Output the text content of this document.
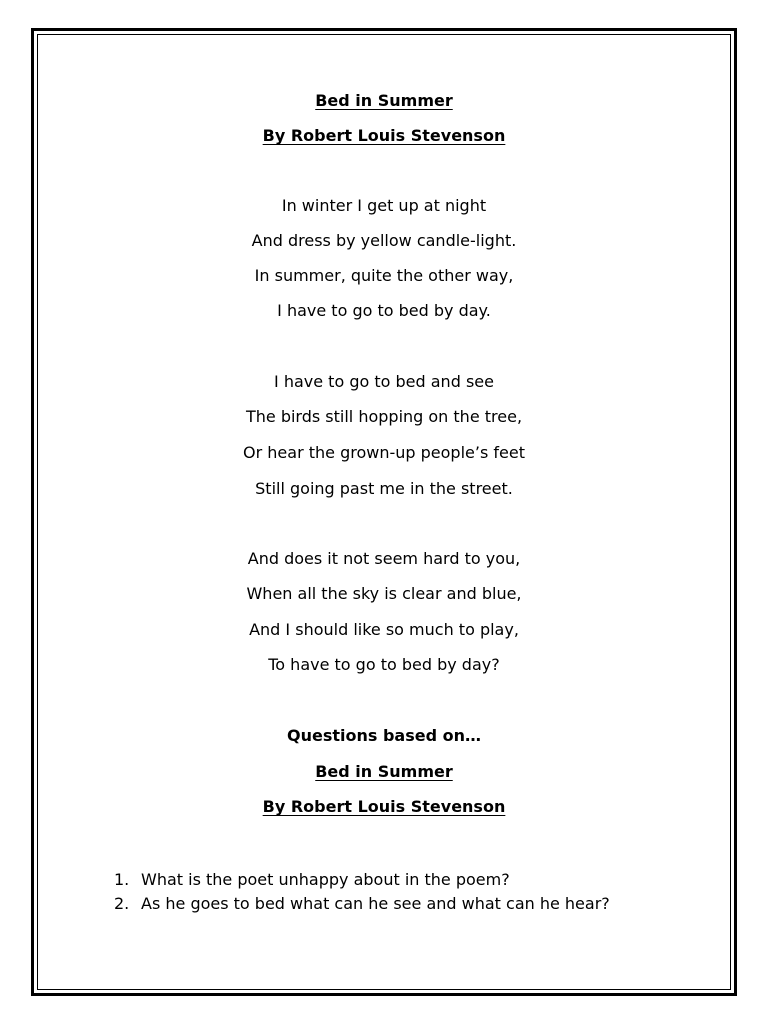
Bed in Summer
By Robert Louis Stevenson
In winter I get up at night
And dress by yellow candle-light.
In summer, quite the other way,
I have to go to bed by day.
I have to go to bed and see
The birds still hopping on the tree,
Or hear the grown-up people’s feet
Still going past me in the street.
And does it not seem hard to you,
When all the sky is clear and blue,
And I should like so much to play,
To have to go to bed by day?
Questions based on…
Bed in Summer
By Robert Louis Stevenson
1. What is the poet unhappy about in the poem?
2. As he goes to bed what can he see and what can he hear?
